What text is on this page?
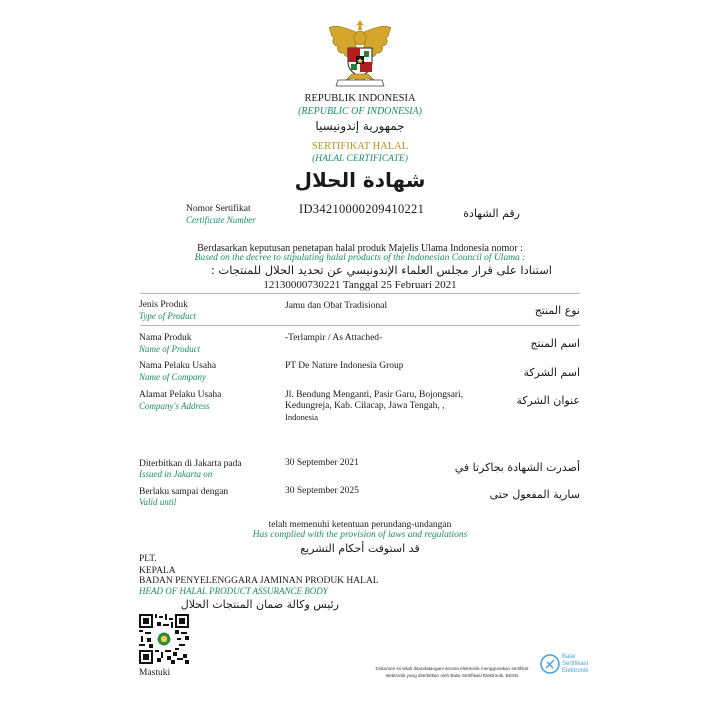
REPUBLIK INDONESIA
(REPUBLIC OF INDONESIA)
جمهورية إندونيسيا
SERTIFIKAT HALAL
(HALAL CERTIFICATE)
شهادة الحلال
Nomor Sertifikat
Certificate Number
ID34210000209410221	رقم الشهادة
Berdasarkan keputusan penetapan halal produk Majelis Ulama Indonesia nomor :
Based on the decree to stipulating halal products of the Indonesian Council of Ulama :
استنادا على قرار مجلس العلماء الإندونيسي عن تحديد الحلال للمنتجات :
12130000730221 Tanggal 25 Februari 2021
Jenis Produk
Type of Product
Jamu dan Obat Tradisional	نوع المنتج
Nama Produk
Name of Product
-Terlampir / As Attached-	اسم المنتج
Nama Pelaku Usaha
Name of Company
PT De Nature Indonesia Group	اسم الشركة
Alamat Pelaku Usaha
Company's Address
Jl. Bendung Menganti, Pasir Garu, Bojongsari,
Kedungreja, Kab. Cilacap, Jawa Tengah, ,
Indonesia
عنوان الشركة
Diterbitkan di Jakarta pada
Issued in Jakarta on
30 September 2021	أصدرت الشهادة بجاكرتا في
Berlaku sampai dengan
Valid until
30 September 2025	سارية المفعول حتى
telah memenuhi ketentuan perundang-undangan
Has complied with the provision of laws and regulations
قد استوفت أحكام التشريع
PLT.
KEPALA
BADAN PENYELENGGARA JAMINAN PRODUK HALAL
HEAD OF HALAL PRODUCT ASSURANCE BODY
رئيس وكالة ضمان المنتجات الحلال
Mastuki	Dokumen ini telah ditandatangani secara elektronik menggunakan sertifikat
elektronik yang diterbitkan oleh Balai Sertifikasi Elektronik, BSSN
Balai
Sertifikasi
Elektronik
